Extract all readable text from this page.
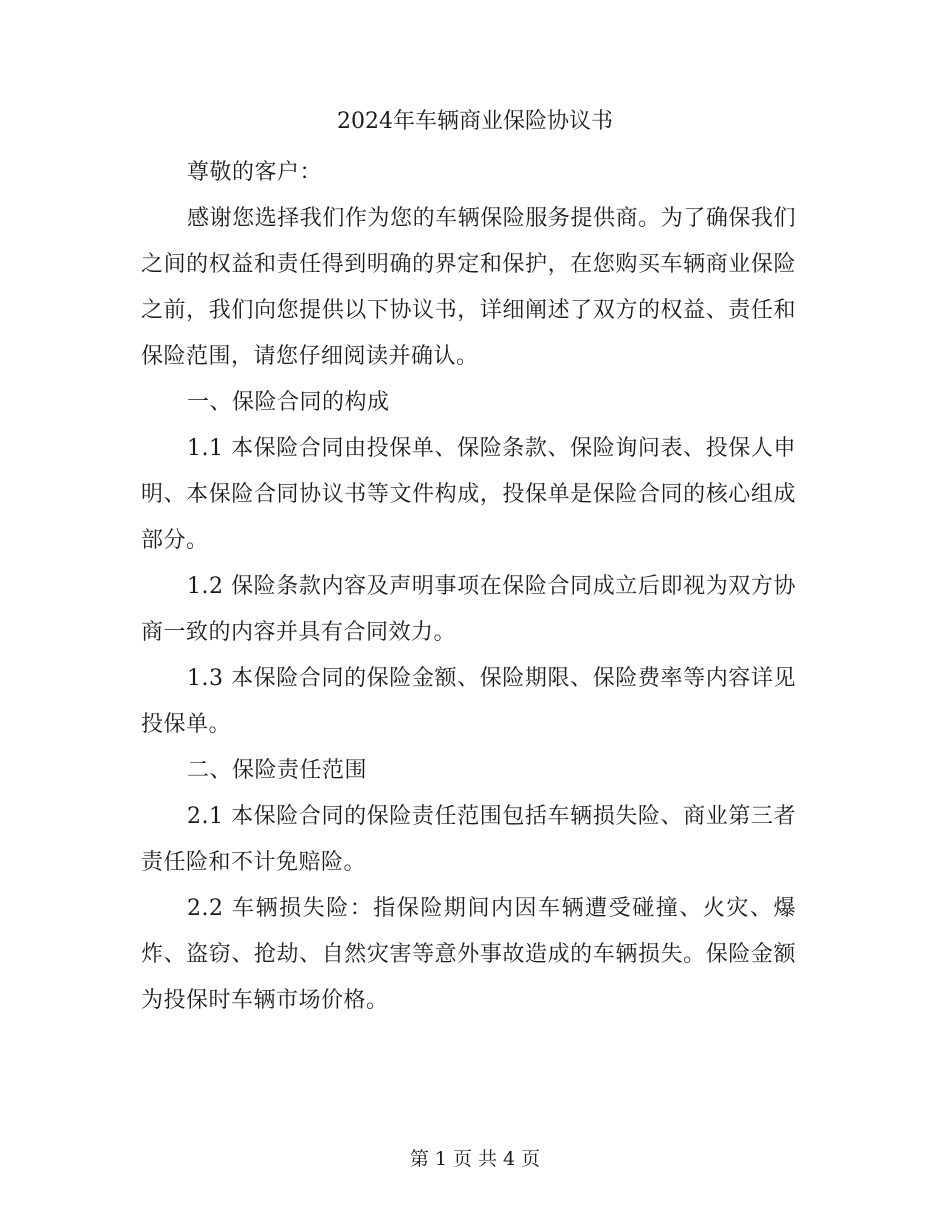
2024年车辆商业保险协议书

尊敬的客户：

感谢您选择我们作为您的车辆保险服务提供商。为了确保我们之间的权益和责任得到明确的界定和保护，在您购买车辆商业保险之前，我们向您提供以下协议书，详细阐述了双方的权益、责任和保险范围，请您仔细阅读并确认。

一、保险合同的构成

1.1 本保险合同由投保单、保险条款、保险询问表、投保人申明、本保险合同协议书等文件构成，投保单是保险合同的核心组成部分。

1.2 保险条款内容及声明事项在保险合同成立后即视为双方协商一致的内容并具有合同效力。

1.3 本保险合同的保险金额、保险期限、保险费率等内容详见投保单。

二、保险责任范围

2.1 本保险合同的保险责任范围包括车辆损失险、商业第三者责任险和不计免赔险。

2.2 车辆损失险：指保险期间内因车辆遭受碰撞、火灾、爆炸、盗窃、抢劫、自然灾害等意外事故造成的车辆损失。保险金额为投保时车辆市场价格。

第 1 页 共 4 页
